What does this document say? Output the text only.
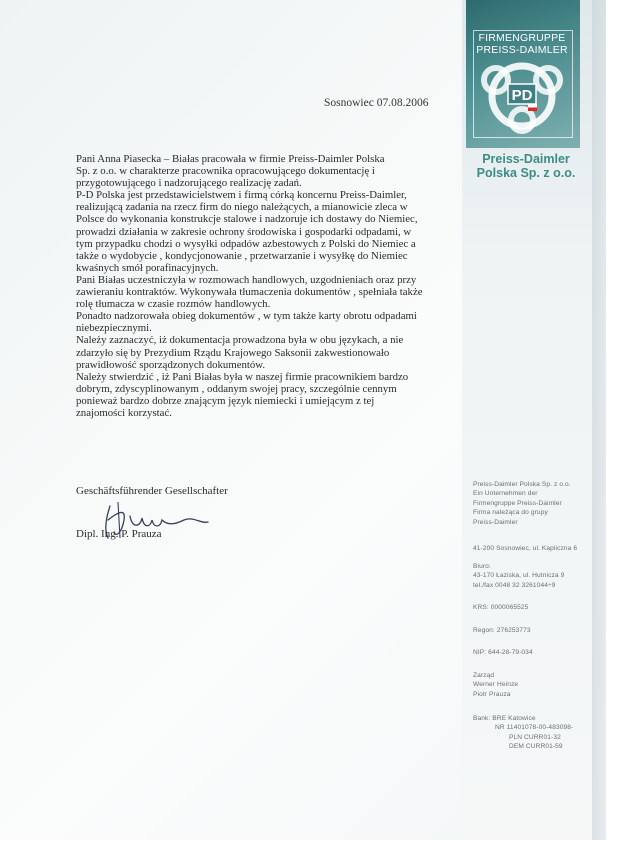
FIRMENGRUPPE
PREISS-DAIMLER
PD
Preiss-Daimler
Polska Sp. z o.o.
Sosnowiec 07.08.2006
Pani Anna Piasecka – Białas pracowała w firmie Preiss-Daimler Polska
Sp. z o.o. w charakterze pracownika opracowującego dokumentację i
przygotowującego i nadzorującego realizację zadań.
P-D Polska jest przedstawicielstwem i firmą córką koncernu Preiss-Daimler,
realizującą zadania na rzecz firm do niego należących, a mianowicie zleca w
Polsce do wykonania konstrukcje stalowe i nadzoruje ich dostawy do Niemiec,
prowadzi działania w zakresie ochrony środowiska i gospodarki odpadami, w
tym przypadku chodzi o wysyłki odpadów azbestowych z Polski do Niemiec a
także o wydobycie , kondycjonowanie , przetwarzanie i wysyłkę do Niemiec
kwaśnych smół porafinacyjnych.
Pani Białas uczestniczyła w rozmowach handlowych, uzgodnieniach oraz przy
zawieraniu kontraktów. Wykonywała tłumaczenia dokumentów , spełniała także
rolę tłumacza w czasie rozmów handlowych.
Ponadto nadzorowała obieg dokumentów , w tym także karty obrotu odpadami
niebezpiecznymi.
Należy zaznaczyć, iż dokumentacja prowadzona była w obu językach, a nie
zdarzyło się by Prezydium Rządu Krajowego Saksonii zakwestionowało
prawidłowość sporządzonych dokumentów.
Należy stwierdzić , iż Pani Białas była w naszej firmie pracownikiem bardzo
dobrym, zdyscyplinowanym , oddanym swojej pracy, szczególnie cennym
ponieważ bardzo dobrze znającym język niemiecki i umiejącym z tej
znajomości korzystać.
Geschäftsführender Gesellschafter
Dipl. Ing. P. Prauza
Preiss-Daimler Polska Sp. z o.o.
Ein Unternehmen der
Firmengruppe Preiss-Daimler
Firma należąca do grupy
Preiss-Daimler
41-200 Sosnowiec, ul. Kapliczna 6
Biuro:
43-170 Łaziska, ul. Hutnicza 9
tel./fax 0048 32 3261044÷9
KRS: 0000065525
Regon: 276253773
NIP: 644-28-79-034
Zarząd
Werner Heinze
Piotr Prauza
Bank: BRE Katowice
NR 11401078-00-483098-
PLN CURR01-32
DEM CURR01-59
